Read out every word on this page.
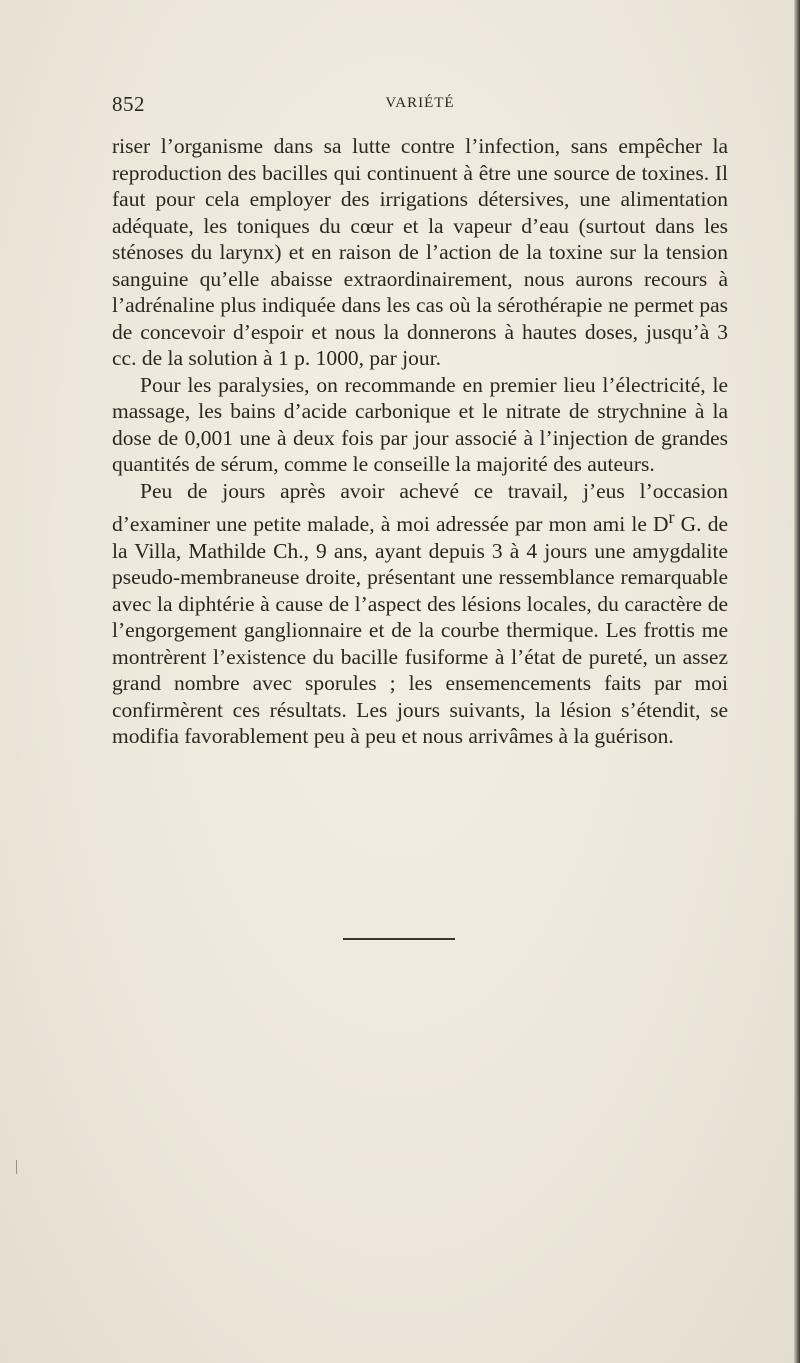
852	VARIÉTÉ

riser l’organisme dans sa lutte contre l’infection, sans empêcher la reproduction des bacilles qui continuent à être une source de toxines. Il faut pour cela employer des irrigations détersives, une alimentation adéquate, les toniques du cœur et la vapeur d’eau (surtout dans les sténoses du larynx) et en raison de l’action de la toxine sur la tension sanguine qu’elle abaisse extraordinairement, nous aurons recours à l’adrénaline plus indiquée dans les cas où la sérothérapie ne permet pas de concevoir d’espoir et nous la donnerons à hautes doses, jusqu’à 3 cc. de la solution à 1 p. 1000, par jour.

Pour les paralysies, on recommande en premier lieu l’électricité, le massage, les bains d’acide carbonique et le nitrate de strychnine à la dose de 0,001 une à deux fois par jour associé à l’injection de grandes quantités de sérum, comme le conseille la majorité des auteurs.

Peu de jours après avoir achevé ce travail, j’eus l’occasion d’examiner une petite malade, à moi adressée par mon ami le $D^r$ G. de la Villa, Mathilde Ch., 9 ans, ayant depuis 3 à 4 jours une amygdalite pseudo-membraneuse droite, présentant une ressemblance remarquable avec la diphtérie à cause de l’aspect des lésions locales, du caractère de l’engorgement ganglionnaire et de la courbe thermique. Les frottis me montrèrent l’existence du bacille fusiforme à l’état de pureté, un assez grand nombre avec sporules ; les ensemencements faits par moi confirmèrent ces résultats. Les jours suivants, la lésion s’étendit, se modifia favorablement peu à peu et nous arrivâmes à la guérison.
